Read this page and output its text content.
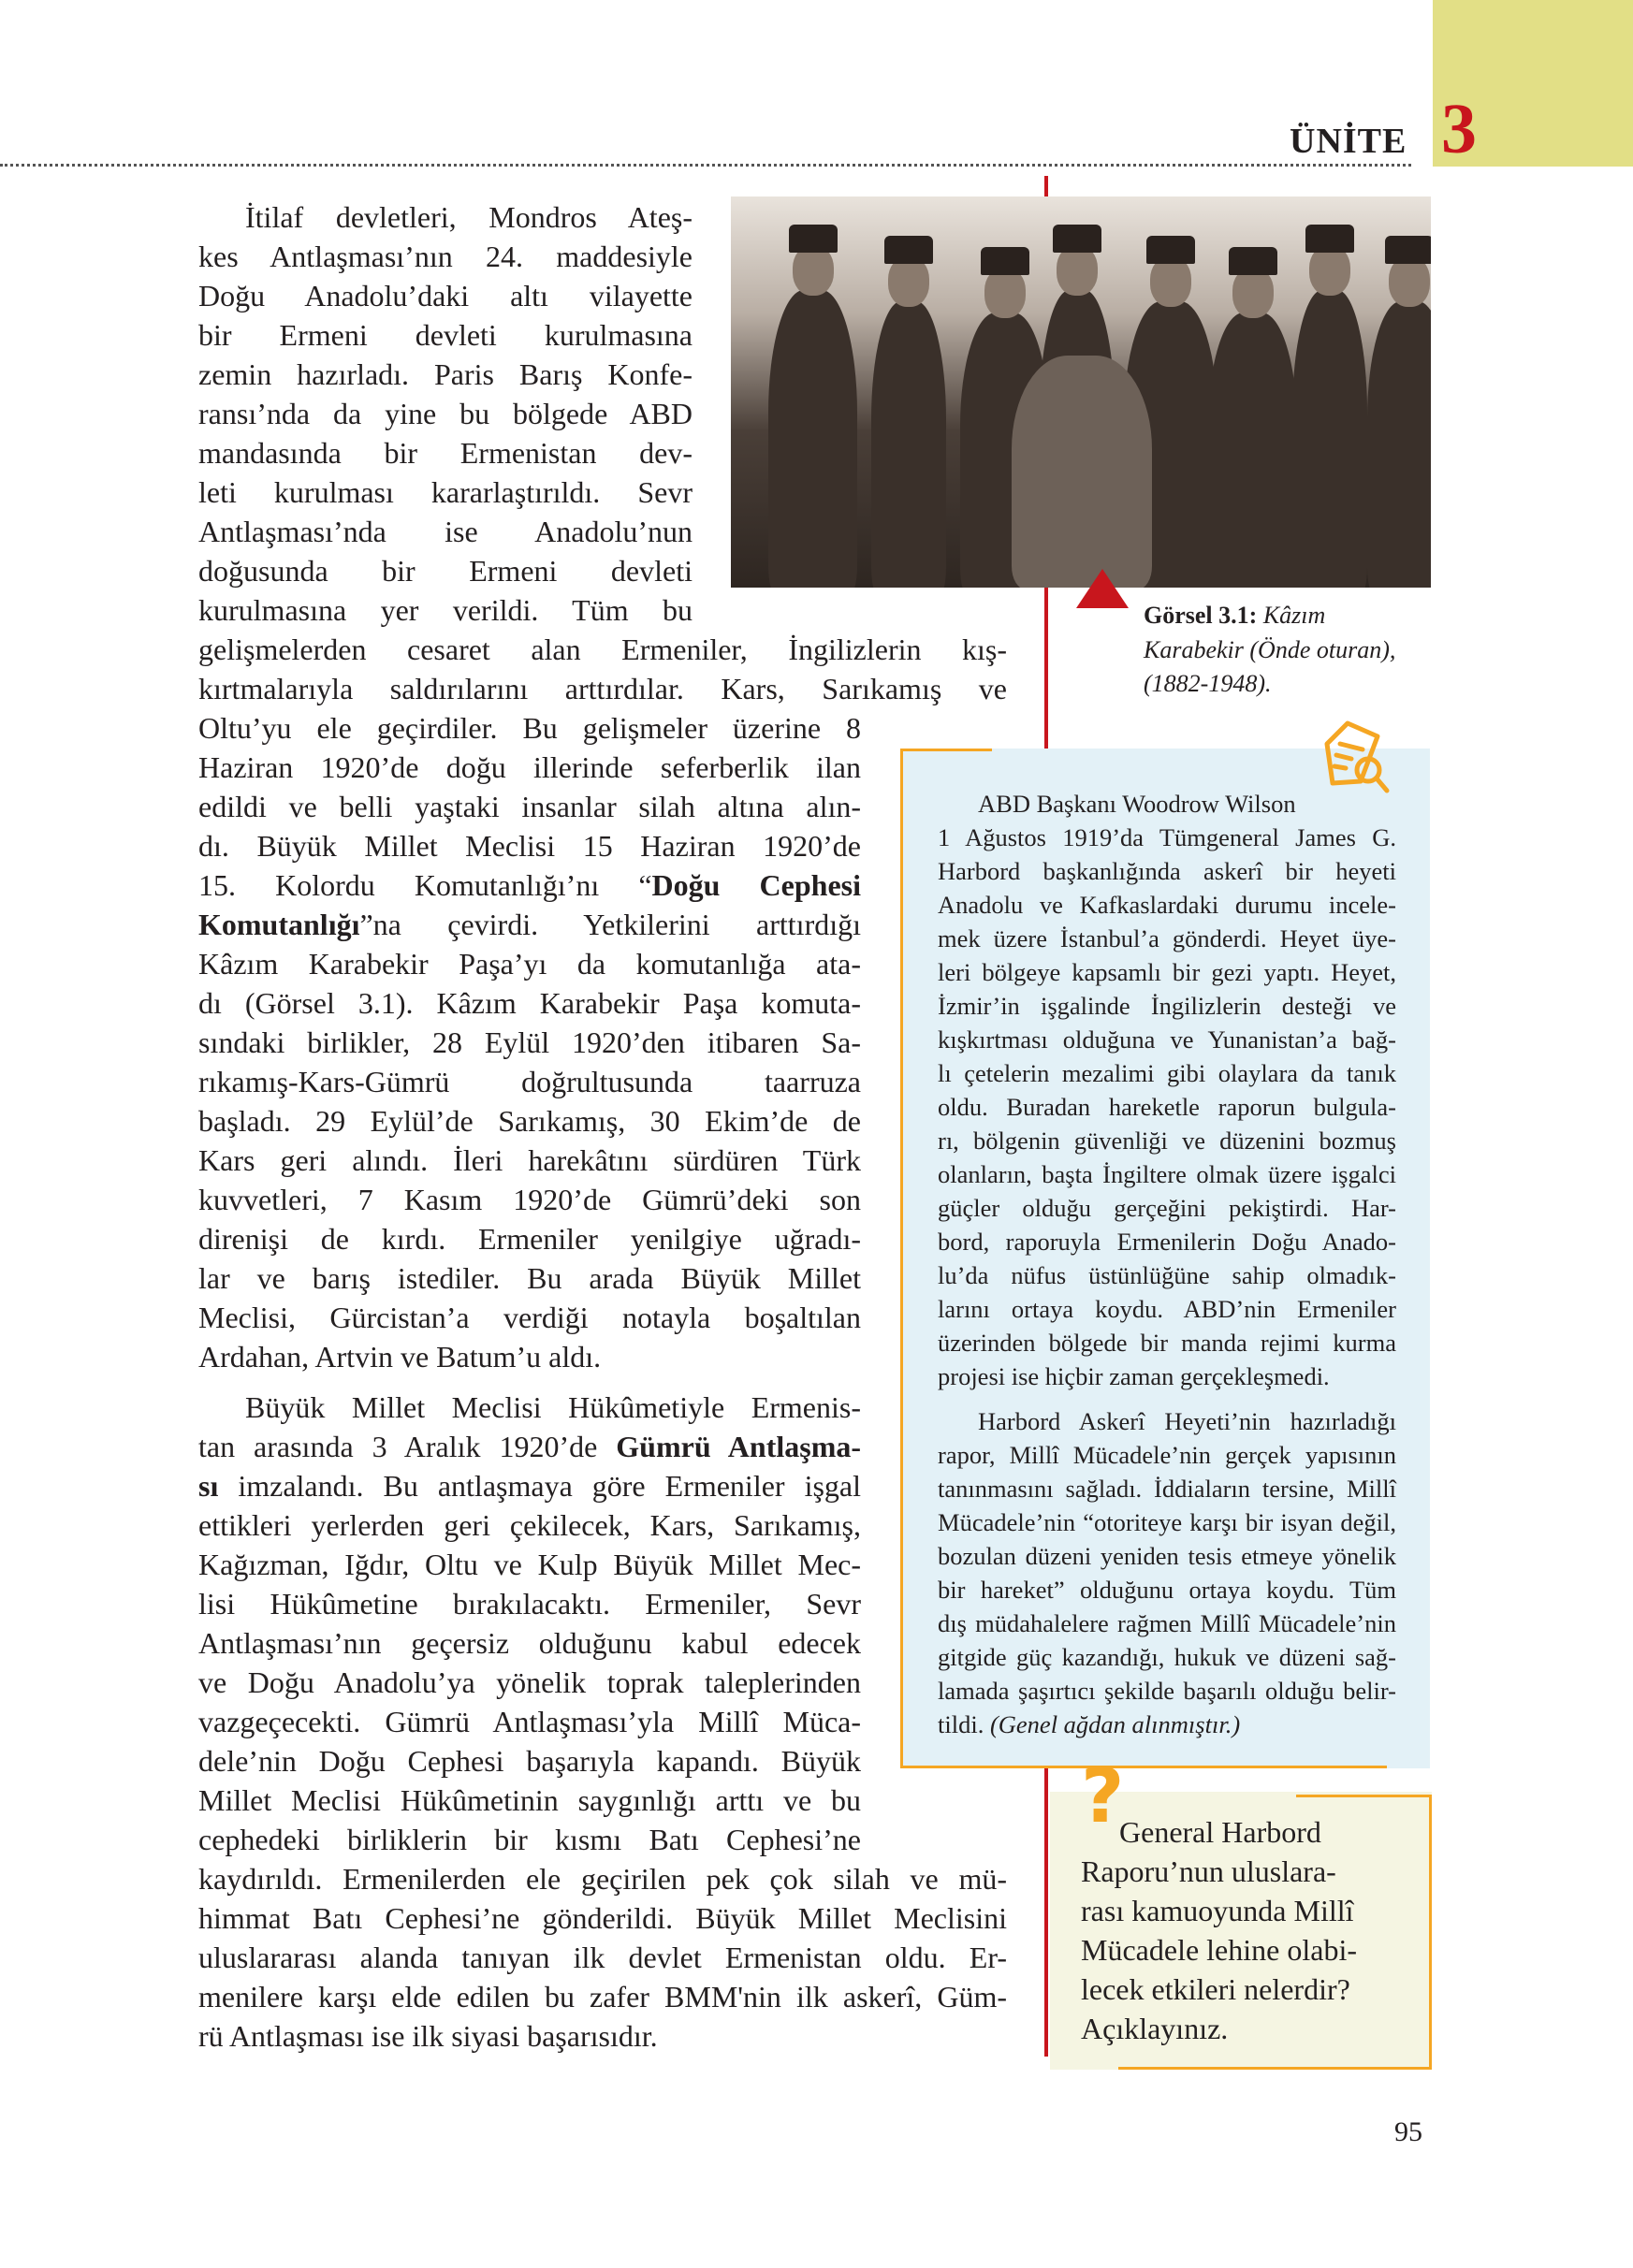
ÜNİTE 3
Görsel 3.1: Kâzım
Karabekir (Önde oturan),
(1882-1948).
İtilaf devletleri, Mondros Ateş-
kes Antlaşması’nın 24. maddesiyle
Doğu Anadolu’daki altı vilayette
bir Ermeni devleti kurulmasına
zemin hazırladı. Paris Barış Konfe-
ransı’nda da yine bu bölgede ABD
mandasında bir Ermenistan dev-
leti kurulması kararlaştırıldı. Sevr
Antlaşması’nda ise Anadolu’nun
doğusunda bir Ermeni devleti
kurulmasına yer verildi. Tüm bu
gelişmelerden cesaret alan Ermeniler, İngilizlerin kış-
kırtmalarıyla saldırılarını arttırdılar. Kars, Sarıkamış ve
Oltu’yu ele geçirdiler. Bu gelişmeler üzerine 8
Haziran 1920’de doğu illerinde seferberlik ilan
edildi ve belli yaştaki insanlar silah altına alın-
dı. Büyük Millet Meclisi 15 Haziran 1920’de
15. Kolordu Komutanlığı’nı “Doğu Cephesi
Komutanlığı”na çevirdi. Yetkilerini arttırdığı
Kâzım Karabekir Paşa’yı da komutanlığa ata-
dı (Görsel 3.1). Kâzım Karabekir Paşa komuta-
sındaki birlikler, 28 Eylül 1920’den itibaren Sa-
rıkamış-Kars-Gümrü doğrultusunda taarruza
başladı. 29 Eylül’de Sarıkamış, 30 Ekim’de de
Kars geri alındı. İleri harekâtını sürdüren Türk
kuvvetleri, 7 Kasım 1920’de Gümrü’deki son
direnişi de kırdı. Ermeniler yenilgiye uğradı-
lar ve barış istediler. Bu arada Büyük Millet
Meclisi, Gürcistan’a verdiği notayla boşaltılan
Ardahan, Artvin ve Batum’u aldı.
Büyük Millet Meclisi Hükûmetiyle Ermenis-
tan arasında 3 Aralık 1920’de Gümrü Antlaşma-
sı imzalandı. Bu antlaşmaya göre Ermeniler işgal
ettikleri yerlerden geri çekilecek, Kars, Sarıkamış,
Kağızman, Iğdır, Oltu ve Kulp Büyük Millet Mec-
lisi Hükûmetine bırakılacaktı. Ermeniler, Sevr
Antlaşması’nın geçersiz olduğunu kabul edecek
ve Doğu Anadolu’ya yönelik toprak taleplerinden
vazgeçecekti. Gümrü Antlaşması’yla Millî Müca-
dele’nin Doğu Cephesi başarıyla kapandı. Büyük
Millet Meclisi Hükûmetinin saygınlığı arttı ve bu
cephedeki birliklerin bir kısmı Batı Cephesi’ne
kaydırıldı. Ermenilerden ele geçirilen pek çok silah ve mü-
himmat Batı Cephesi’ne gönderildi. Büyük Millet Meclisini
uluslararası alanda tanıyan ilk devlet Ermenistan oldu. Er-
menilere karşı elde edilen bu zafer BMM'nin ilk askerî, Güm-
rü Antlaşması ise ilk siyasi başarısıdır.
ABD Başkanı Woodrow Wilson
1 Ağustos 1919’da Tümgeneral James G.
Harbord başkanlığında askerî bir heyeti
Anadolu ve Kafkaslardaki durumu incele-
mek üzere İstanbul’a gönderdi. Heyet üye-
leri bölgeye kapsamlı bir gezi yaptı. Heyet,
İzmir’in işgalinde İngilizlerin desteği ve
kışkırtması olduğuna ve Yunanistan’a bağ-
lı çetelerin mezalimi gibi olaylara da tanık
oldu. Buradan hareketle raporun bulgula-
rı, bölgenin güvenliği ve düzenini bozmuş
olanların, başta İngiltere olmak üzere işgalci
güçler olduğu gerçeğini pekiştirdi. Har-
bord, raporuyla Ermenilerin Doğu Anado-
lu’da nüfus üstünlüğüne sahip olmadık-
larını ortaya koydu. ABD’nin Ermeniler
üzerinden bölgede bir manda rejimi kurma
projesi ise hiçbir zaman gerçekleşmedi.
Harbord Askerî Heyeti’nin hazırladığı
rapor, Millî Mücadele’nin gerçek yapısının
tanınmasını sağladı. İddiaların tersine, Millî
Mücadele’nin “otoriteye karşı bir isyan değil,
bozulan düzeni yeniden tesis etmeye yönelik
bir hareket” olduğunu ortaya koydu. Tüm
dış müdahalelere rağmen Millî Mücadele’nin
gitgide güç kazandığı, hukuk ve düzeni sağ-
lamada şaşırtıcı şekilde başarılı olduğu belir-
tildi. (Genel ağdan alınmıştır.)
?
General Harbord
Raporu’nun uluslara-
rası kamuoyunda Millî
Mücadele lehine olabi-
lecek etkileri nelerdir?
Açıklayınız.
95
